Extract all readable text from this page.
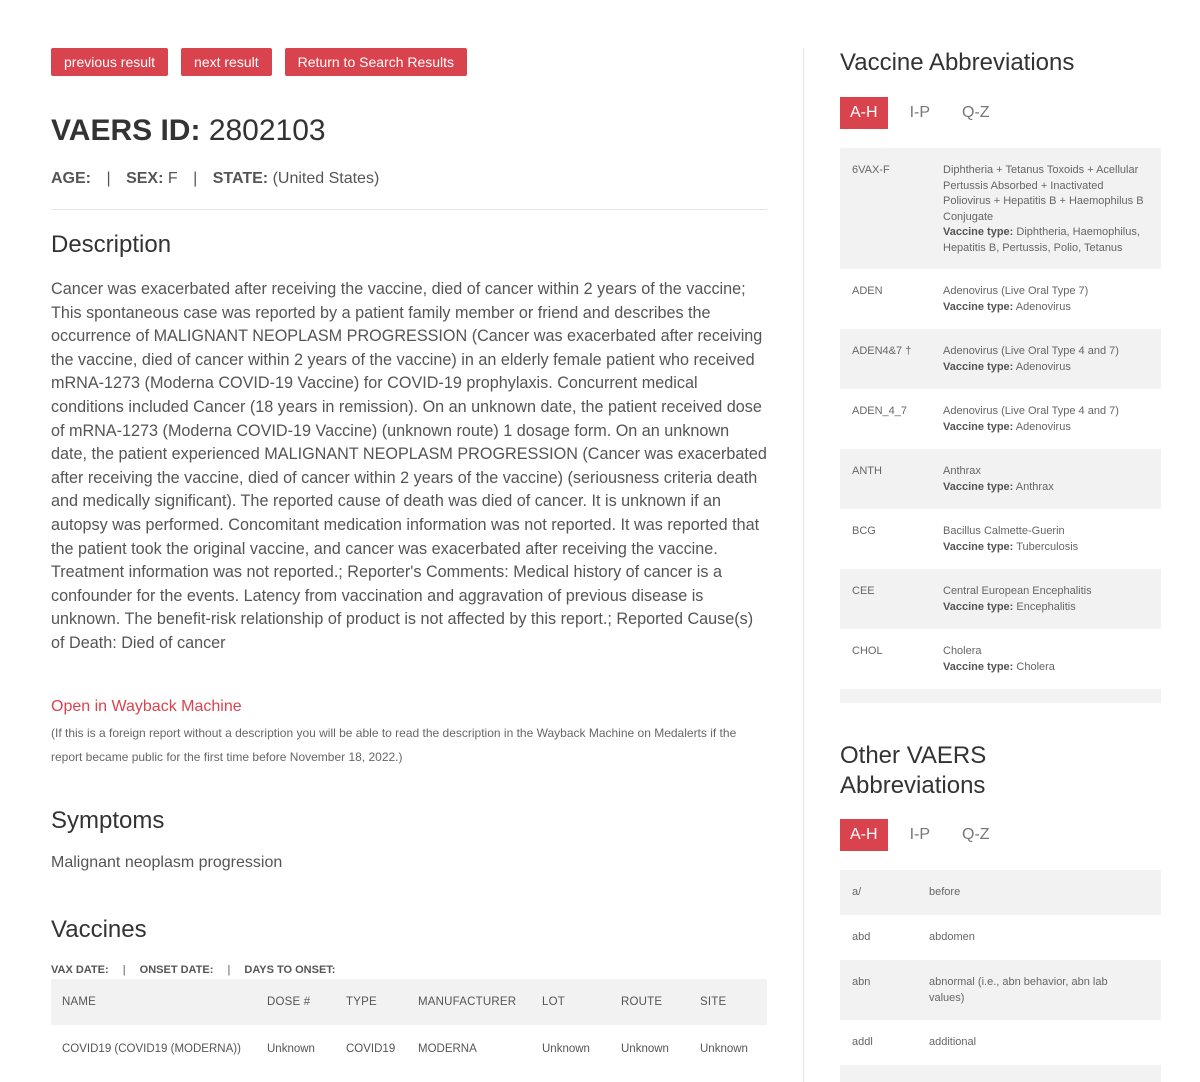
previous result	next result	Return to Search Results
VAERS ID: 2802103
AGE: | SEX: F | STATE: (United States)
Description

Cancer was exacerbated after receiving the vaccine, died of cancer within 2 years of the vaccine; This spontaneous case was reported by a patient family member or friend and describes the occurrence of MALIGNANT NEOPLASM PROGRESSION (Cancer was exacerbated after receiving the vaccine, died of cancer within 2 years of the vaccine) in an elderly female patient who received mRNA-1273 (Moderna COVID-19 Vaccine) for COVID-19 prophylaxis. Concurrent medical conditions included Cancer (18 years in remission). On an unknown date, the patient received dose of mRNA-1273 (Moderna COVID-19 Vaccine) (unknown route) 1 dosage form. On an unknown date, the patient experienced MALIGNANT NEOPLASM PROGRESSION (Cancer was exacerbated after receiving the vaccine, died of cancer within 2 years of the vaccine) (seriousness criteria death and medically significant). The reported cause of death was died of cancer. It is unknown if an autopsy was performed. Concomitant medication information was not reported. It was reported that the patient took the original vaccine, and cancer was exacerbated after receiving the vaccine. Treatment information was not reported.; Reporter's Comments: Medical history of cancer is a confounder for the events. Latency from vaccination and aggravation of previous disease is unknown. The benefit-risk relationship of product is not affected by this report.; Reported Cause(s) of Death: Died of cancer

Open in Wayback Machine

(If this is a foreign report without a description you will be able to read the description in the Wayback Machine on Medalerts if the report became public for the first time before November 18, 2022.)

Symptoms
Malignant neoplasm progression
Vaccines
VAX DATE: | ONSET DATE: | DAYS TO ONSET:
NAME	DOSE #	TYPE	MANUFACTURER	LOT	ROUTE	SITE
COVID19 (COVID19 (MODERNA))	Unknown	COVID19	MODERNA	Unknown	Unknown	Unknown
Vaccine Abbreviations
A-H	I-P	Q-Z
6VAX-F	Diphtheria + Tetanus Toxoids + Acellular Pertussis Absorbed + Inactivated Poliovirus + Hepatitis B + Haemophilus B Conjugate
Vaccine type: Diphtheria, Haemophilus, Hepatitis B, Pertussis, Polio, Tetanus
ADEN	Adenovirus (Live Oral Type 7)
Vaccine type: Adenovirus
ADEN4&7 †	Adenovirus (Live Oral Type 4 and 7)
Vaccine type: Adenovirus
ADEN_4_7	Adenovirus (Live Oral Type 4 and 7)
Vaccine type: Adenovirus
ANTH	Anthrax
Vaccine type: Anthrax
BCG	Bacillus Calmette-Guerin
Vaccine type: Tuberculosis
CEE	Central European Encephalitis
Vaccine type: Encephalitis
CHOL	Cholera
Vaccine type: Cholera
Other VAERS
Abbreviations
A-H	I-P	Q-Z
a/	before
abd	abdomen
abn	abnormal (i.e., abn behavior, abn lab values)
addl	additional
